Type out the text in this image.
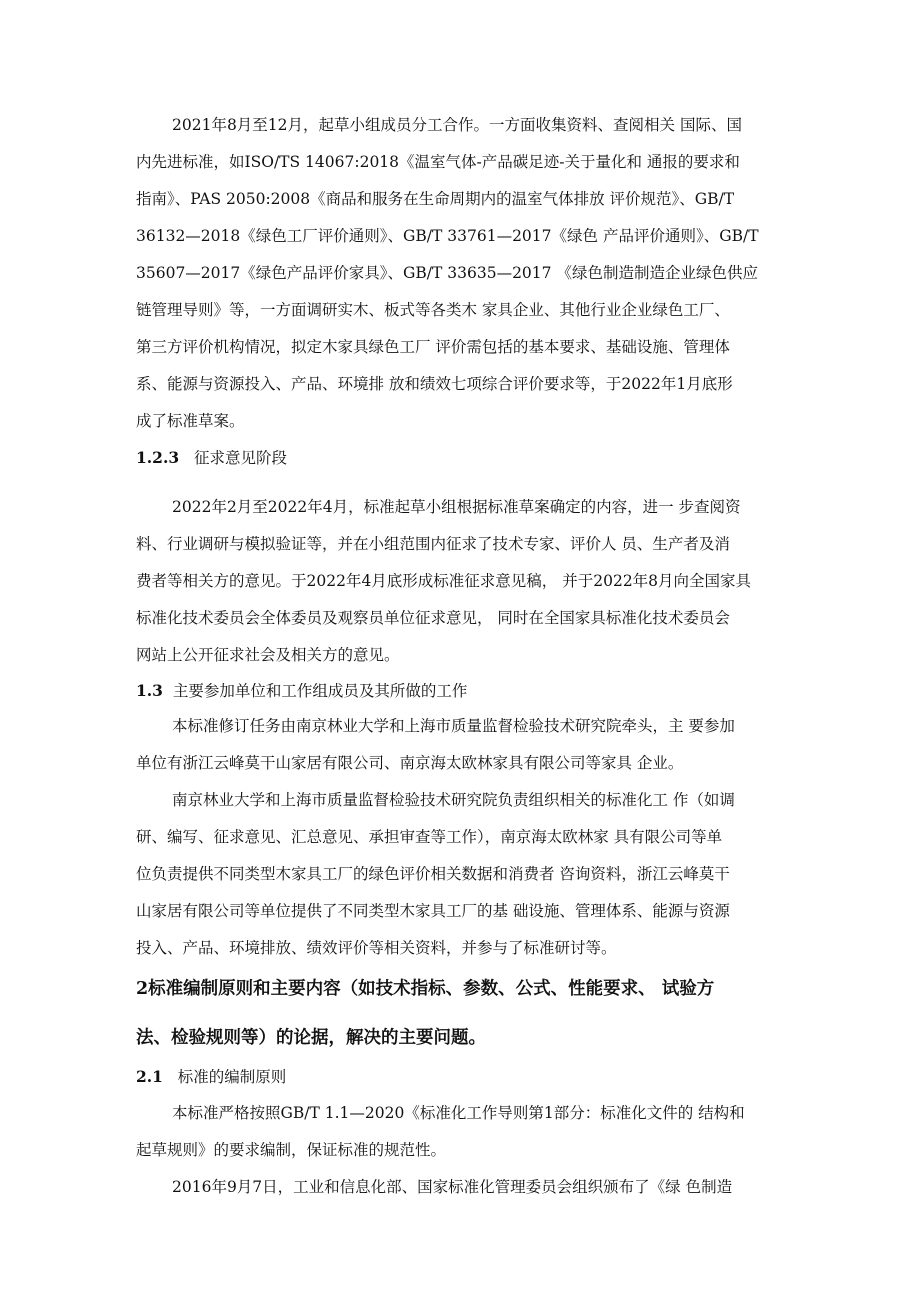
2021年8月至12月，起草小组成员分工合作。一方面收集资料、查阅相关 国际、国
内先进标准，如ISO/TS 14067:2018《温室气体-产品碳足迹-关于量化和 通报的要求和
指南》、PAS 2050:2008《商品和服务在生命周期内的温室气体排放 评价规范》、GB/T
36132—2018《绿色工厂评价通则》、GB/T 33761—2017《绿色 产品评价通则》、GB/T
35607—2017《绿色产品评价家具》、GB/T 33635—2017 《绿色制造制造企业绿色供应
链管理导则》等，一方面调研实木、板式等各类木 家具企业、其他行业企业绿色工厂、
第三方评价机构情况，拟定木家具绿色工厂 评价需包括的基本要求、基础设施、管理体
系、能源与资源投入、产品、环境排 放和绩效七项综合评价要求等，于2022年1月底形
成了标准草案。
1.2.3 征求意见阶段
2022年2月至2022年4月，标准起草小组根据标准草案确定的内容，进一 步查阅资
料、行业调研与模拟验证等，并在小组范围内征求了技术专家、评价人 员、生产者及消
费者等相关方的意见。于2022年4月底形成标准征求意见稿， 并于2022年8月向全国家具
标准化技术委员会全体委员及观察员单位征求意见， 同时在全国家具标准化技术委员会
网站上公开征求社会及相关方的意见。
1.3 主要参加单位和工作组成员及其所做的工作
本标准修订任务由南京林业大学和上海市质量监督检验技术研究院牵头，主 要参加
单位有浙江云峰莫干山家居有限公司、南京海太欧林家具有限公司等家具 企业。
南京林业大学和上海市质量监督检验技术研究院负责组织相关的标准化工 作（如调
研、编写、征求意见、汇总意见、承担审查等工作），南京海太欧林家 具有限公司等单
位负责提供不同类型木家具工厂的绿色评价相关数据和消费者 咨询资料，浙江云峰莫干
山家居有限公司等单位提供了不同类型木家具工厂的基 础设施、管理体系、能源与资源
投入、产品、环境排放、绩效评价等相关资料，并参与了标准研讨等。
2标准编制原则和主要内容（如技术指标、参数、公式、性能要求、 试验方
法、检验规则等）的论据，解决的主要问题。
2.1 标准的编制原则
本标准严格按照GB/T 1.1—2020《标准化工作导则第1部分：标准化文件的 结构和
起草规则》的要求编制，保证标准的规范性。
2016年9月7日，工业和信息化部、国家标准化管理委员会组织颁布了《绿 色制造
